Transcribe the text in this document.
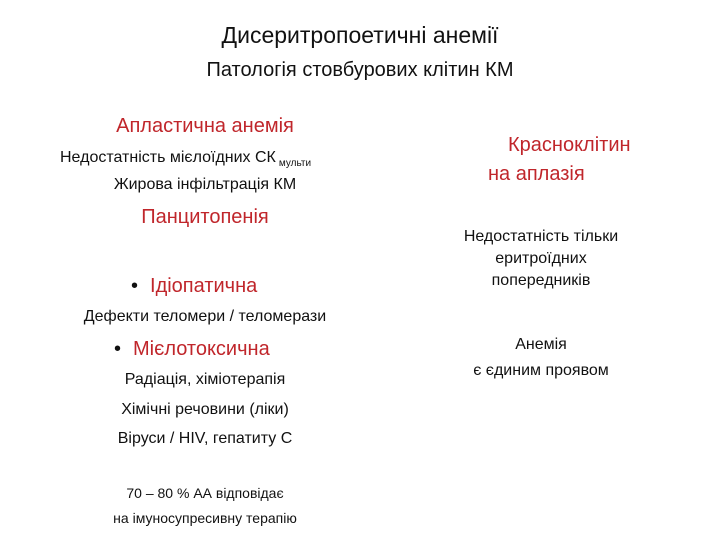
Дисеритропоетичні анемії
Патологія стовбурових клітин КМ
Апластична анемія
Недостатність мієлоїдних СК $_{мульти}$
Жирова інфільтрація КМ
Панцитопенія
• Ідіопатична
Дефекти теломери / теломерази
• Мієлотоксична
Радіація, хіміотерапія
Хімічні речовини (ліки)
Віруси / HIV, гепатиту С
70 – 80 % АА відповідає
на імуносупресивну терапію
Красноклітин
на аплазія
Недостатність тільки
еритроїдних
попередників
Анемія
є єдиним проявом
